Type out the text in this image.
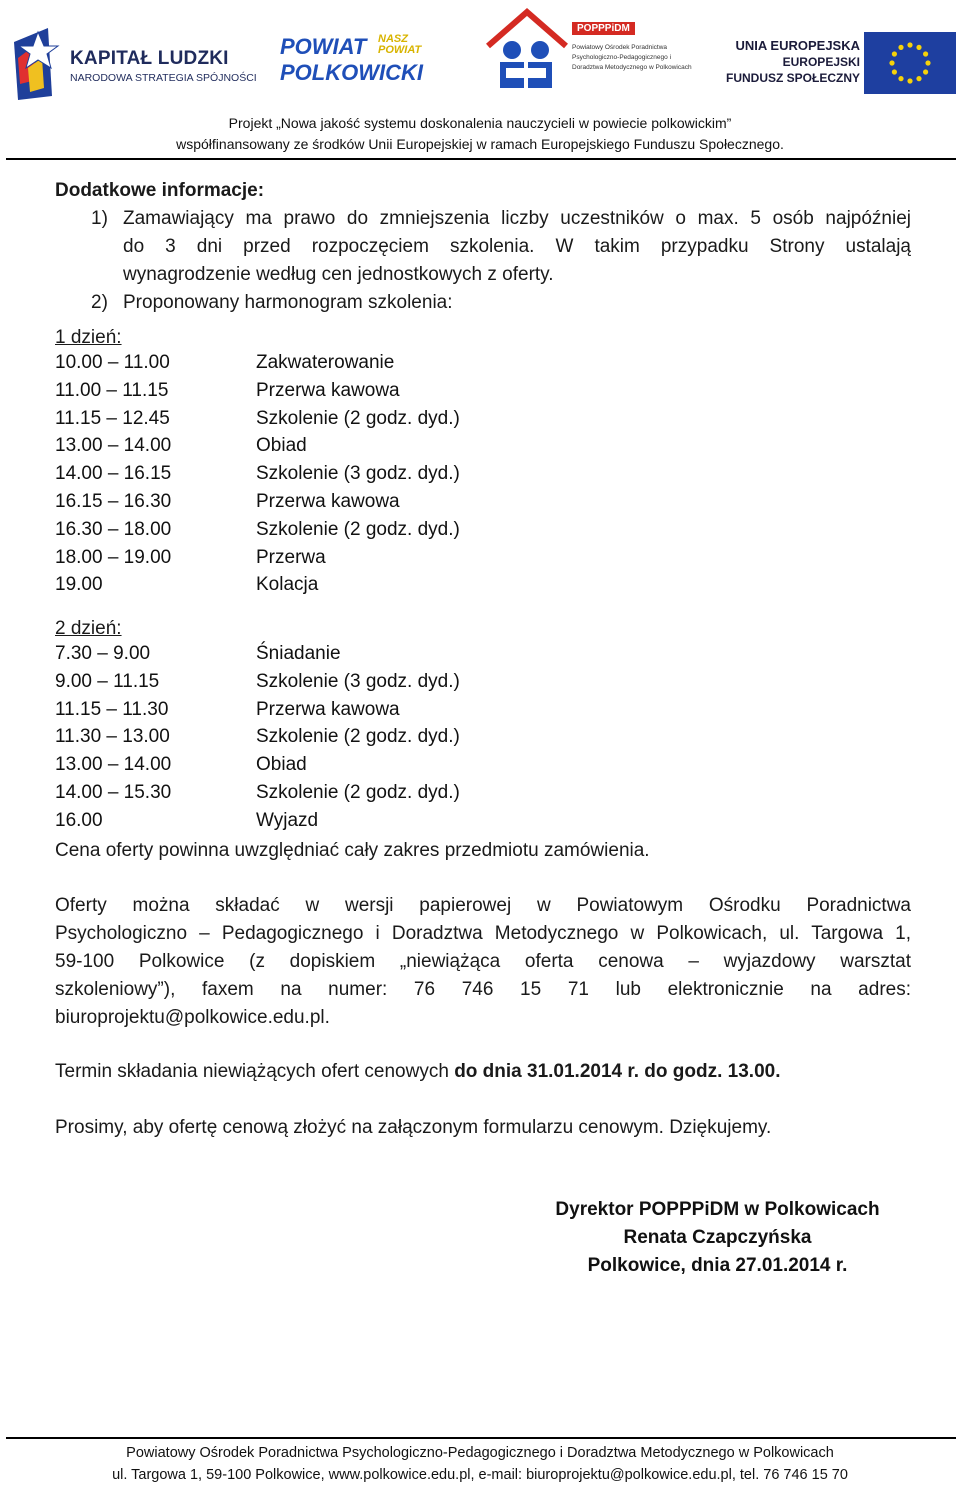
KAPITAŁ LUDZKI
NARODOWA STRATEGIA SPÓJNOŚCI
POWIAT
POLKOWICKI
NASZ POWIAT
POPPPiDM
Powiatowy Ośrodek Poradnictwa Psychologiczno-Pedagogicznego i Doradztwa Metodycznego w Polkowicach
UNIA EUROPEJSKA
EUROPEJSKI
FUNDUSZ SPOŁECZNY
Projekt „Nowa jakość systemu doskonalenia nauczycieli w powiecie polkowickim”
współfinansowany ze środków Unii Europejskiej w ramach Europejskiego Funduszu Społecznego.
Dodatkowe informacje:
1) Zamawiający ma prawo do zmniejszenia liczby uczestników o max. 5 osób najpóźniej
do 3 dni przed rozpoczęciem szkolenia. W takim przypadku Strony ustalają
wynagrodzenie według cen jednostkowych z oferty.
2) Proponowany harmonogram szkolenia:
1 dzień:
10.00 – 11.00	Zakwaterowanie
11.00 – 11.15	Przerwa kawowa
11.15 – 12.45	Szkolenie (2 godz. dyd.)
13.00 – 14.00	Obiad
14.00 – 16.15	Szkolenie (3 godz. dyd.)
16.15 – 16.30	Przerwa kawowa
16.30 – 18.00	Szkolenie (2 godz. dyd.)
18.00 – 19.00	Przerwa
19.00	Kolacja
2 dzień:
7.30 – 9.00	Śniadanie
9.00 – 11.15	Szkolenie (3 godz. dyd.)
11.15 – 11.30	Przerwa kawowa
11.30 – 13.00	Szkolenie (2 godz. dyd.)
13.00 – 14.00	Obiad
14.00 – 15.30	Szkolenie (2 godz. dyd.)
16.00	Wyjazd
Cena oferty powinna uwzględniać cały zakres przedmiotu zamówienia.
Oferty można składać w wersji papierowej w Powiatowym Ośrodku Poradnictwa
Psychologiczno – Pedagogicznego i Doradztwa Metodycznego w Polkowicach, ul. Targowa 1,
59-100 Polkowice (z dopiskiem „niewiążąca oferta cenowa – wyjazdowy warsztat
szkoleniowy”), faxem na numer: 76 746 15 71 lub elektronicznie na adres:
biuroprojektu@polkowice.edu.pl.
Termin składania niewiążących ofert cenowych do dnia 31.01.2014 r. do godz. 13.00.
Prosimy, aby ofertę cenową złożyć na załączonym formularzu cenowym. Dziękujemy.
Dyrektor POPPPiDM w Polkowicach
Renata Czapczyńska
Polkowice, dnia 27.01.2014 r.
Powiatowy Ośrodek Poradnictwa Psychologiczno-Pedagogicznego i Doradztwa Metodycznego w Polkowicach
ul. Targowa 1, 59-100 Polkowice, www.polkowice.edu.pl, e-mail: biuroprojektu@polkowice.edu.pl, tel. 76 746 15 70
